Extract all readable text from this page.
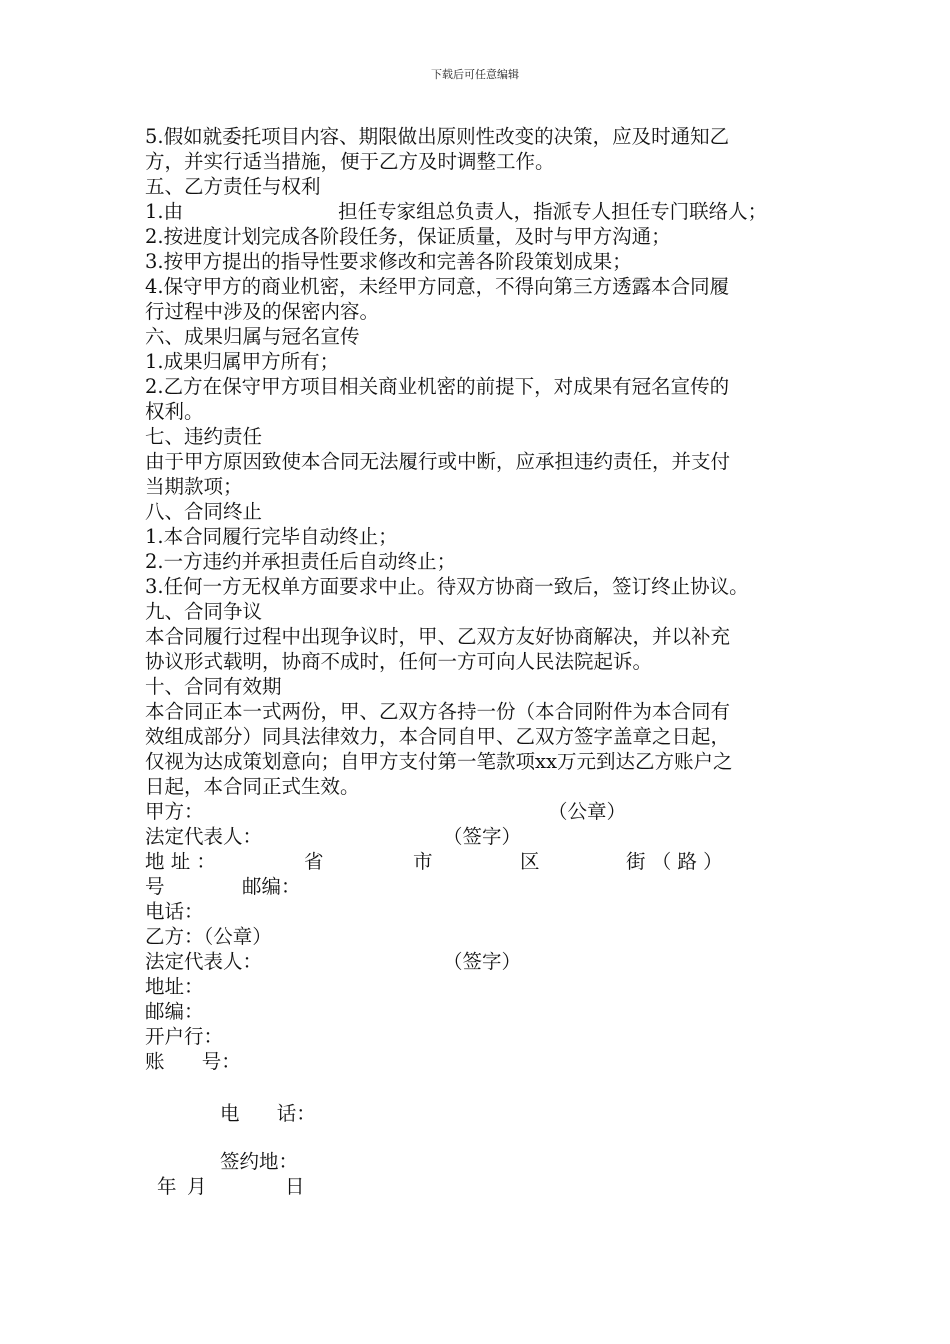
下载后可任意编辑

5.假如就委托项目内容、期限做出原则性改变的决策，应及时通知乙

方，并实行适当措施，便于乙方及时调整工作。

五、乙方责任与权利

1.由                         担任专家组总负责人，指派专人担任专门联络人；

2.按进度计划完成各阶段任务，保证质量，及时与甲方沟通；

3.按甲方提出的指导性要求修改和完善各阶段策划成果；

4.保守甲方的商业机密，未经甲方同意，不得向第三方透露本合同履

行过程中涉及的保密内容。

六、成果归属与冠名宣传

1.成果归属甲方所有；

2.乙方在保守甲方项目相关商业机密的前提下，对成果有冠名宣传的

权利。

七、违约责任

由于甲方原因致使本合同无法履行或中断，应承担违约责任，并支付

当期款项；

八、合同终止

1.本合同履行完毕自动终止；

2.一方违约并承担责任后自动终止；

3.任何一方无权单方面要求中止。待双方协商一致后，签订终止协议。

九、合同争议

本合同履行过程中出现争议时，甲、乙双方友好协商解决，并以补充

协议形式载明，协商不成时，任何一方可向人民法院起诉。

十、合同有效期

本合同正本一式两份，甲、乙双方各持一份（本合同附件为本合同有

效组成部分）同具法律效力，本合同自甲、乙双方签字盖章之日起，

仅视为达成策划意向；自甲方支付第一笔款项xx万元到达乙方账户之

日起，本合同正式生效。

甲方：	（公章）
法定代表人：	（签字）
地 址 ：	省	市	区	街 （ 路 ）
号	邮编：
电话：
乙方：（公章）
法定代表人：	（签字）
地址：
邮编：
开户行：
账      号：
电      话：
签约地：
年 月	日
